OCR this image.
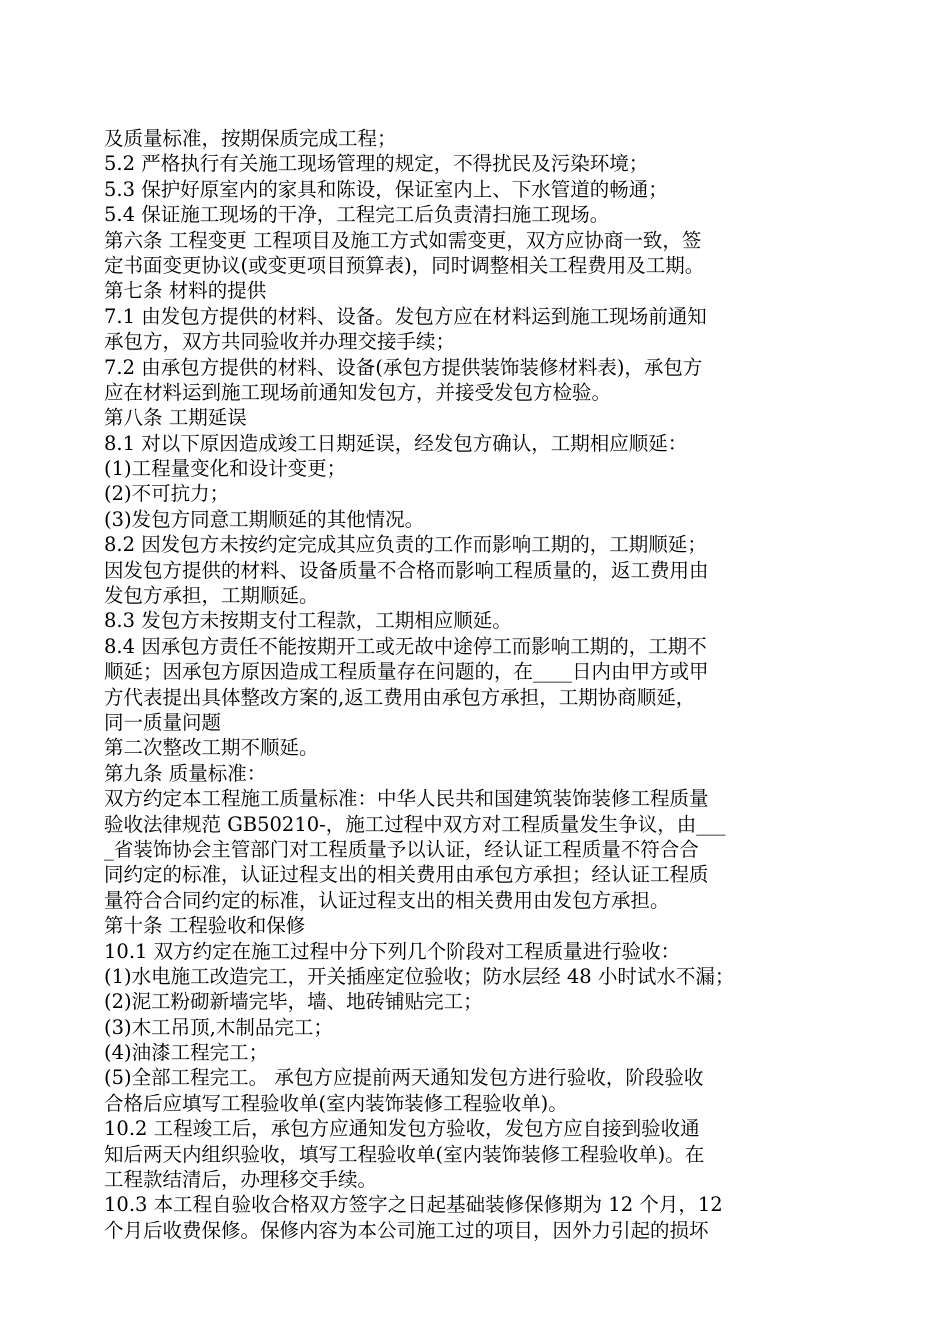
及质量标准，按期保质完成工程；
5.2 严格执行有关施工现场管理的规定，不得扰民及污染环境；
5.3 保护好原室内的家具和陈设，保证室内上、下水管道的畅通；
5.4 保证施工现场的干净，工程完工后负责清扫施工现场。
第六条 工程变更 工程项目及施工方式如需变更，双方应协商一致，签
定书面变更协议(或变更项目预算表)，同时调整相关工程费用及工期。
第七条 材料的提供
7.1 由发包方提供的材料、设备。发包方应在材料运到施工现场前通知
承包方，双方共同验收并办理交接手续；
7.2 由承包方提供的材料、设备(承包方提供装饰装修材料表)，承包方
应在材料运到施工现场前通知发包方，并接受发包方检验。
第八条 工期延误
8.1 对以下原因造成竣工日期延误，经发包方确认，工期相应顺延：
(1)工程量变化和设计变更；
(2)不可抗力；
(3)发包方同意工期顺延的其他情况。
8.2 因发包方未按约定完成其应负责的工作而影响工期的，工期顺延；
因发包方提供的材料、设备质量不合格而影响工程质量的，返工费用由
发包方承担，工期顺延。
8.3 发包方未按期支付工程款，工期相应顺延。
8.4 因承包方责任不能按期开工或无故中途停工而影响工期的，工期不
顺延；因承包方原因造成工程质量存在问题的，在____日内由甲方或甲
方代表提出具体整改方案的,返工费用由承包方承担，工期协商顺延，
同一质量问题
第二次整改工期不顺延。
第九条 质量标准：
双方约定本工程施工质量标准：中华人民共和国建筑装饰装修工程质量
验收法律规范 GB50210-，施工过程中双方对工程质量发生争议，由___
_省装饰协会主管部门对工程质量予以认证，经认证工程质量不符合合
同约定的标准，认证过程支出的相关费用由承包方承担；经认证工程质
量符合合同约定的标准，认证过程支出的相关费用由发包方承担。
第十条 工程验收和保修
10.1 双方约定在施工过程中分下列几个阶段对工程质量进行验收：
(1)水电施工改造完工，开关插座定位验收；防水层经 48 小时试水不漏；
(2)泥工粉砌新墙完毕，墙、地砖铺贴完工；
(3)木工吊顶,木制品完工；
(4)油漆工程完工；
(5)全部工程完工。 承包方应提前两天通知发包方进行验收，阶段验收
合格后应填写工程验收单(室内装饰装修工程验收单)。
10.2 工程竣工后，承包方应通知发包方验收，发包方应自接到验收通
知后两天内组织验收，填写工程验收单(室内装饰装修工程验收单)。在
工程款结清后，办理移交手续。
10.3 本工程自验收合格双方签字之日起基础装修保修期为 12 个月，12
个月后收费保修。保修内容为本公司施工过的项目，因外力引起的损坏
